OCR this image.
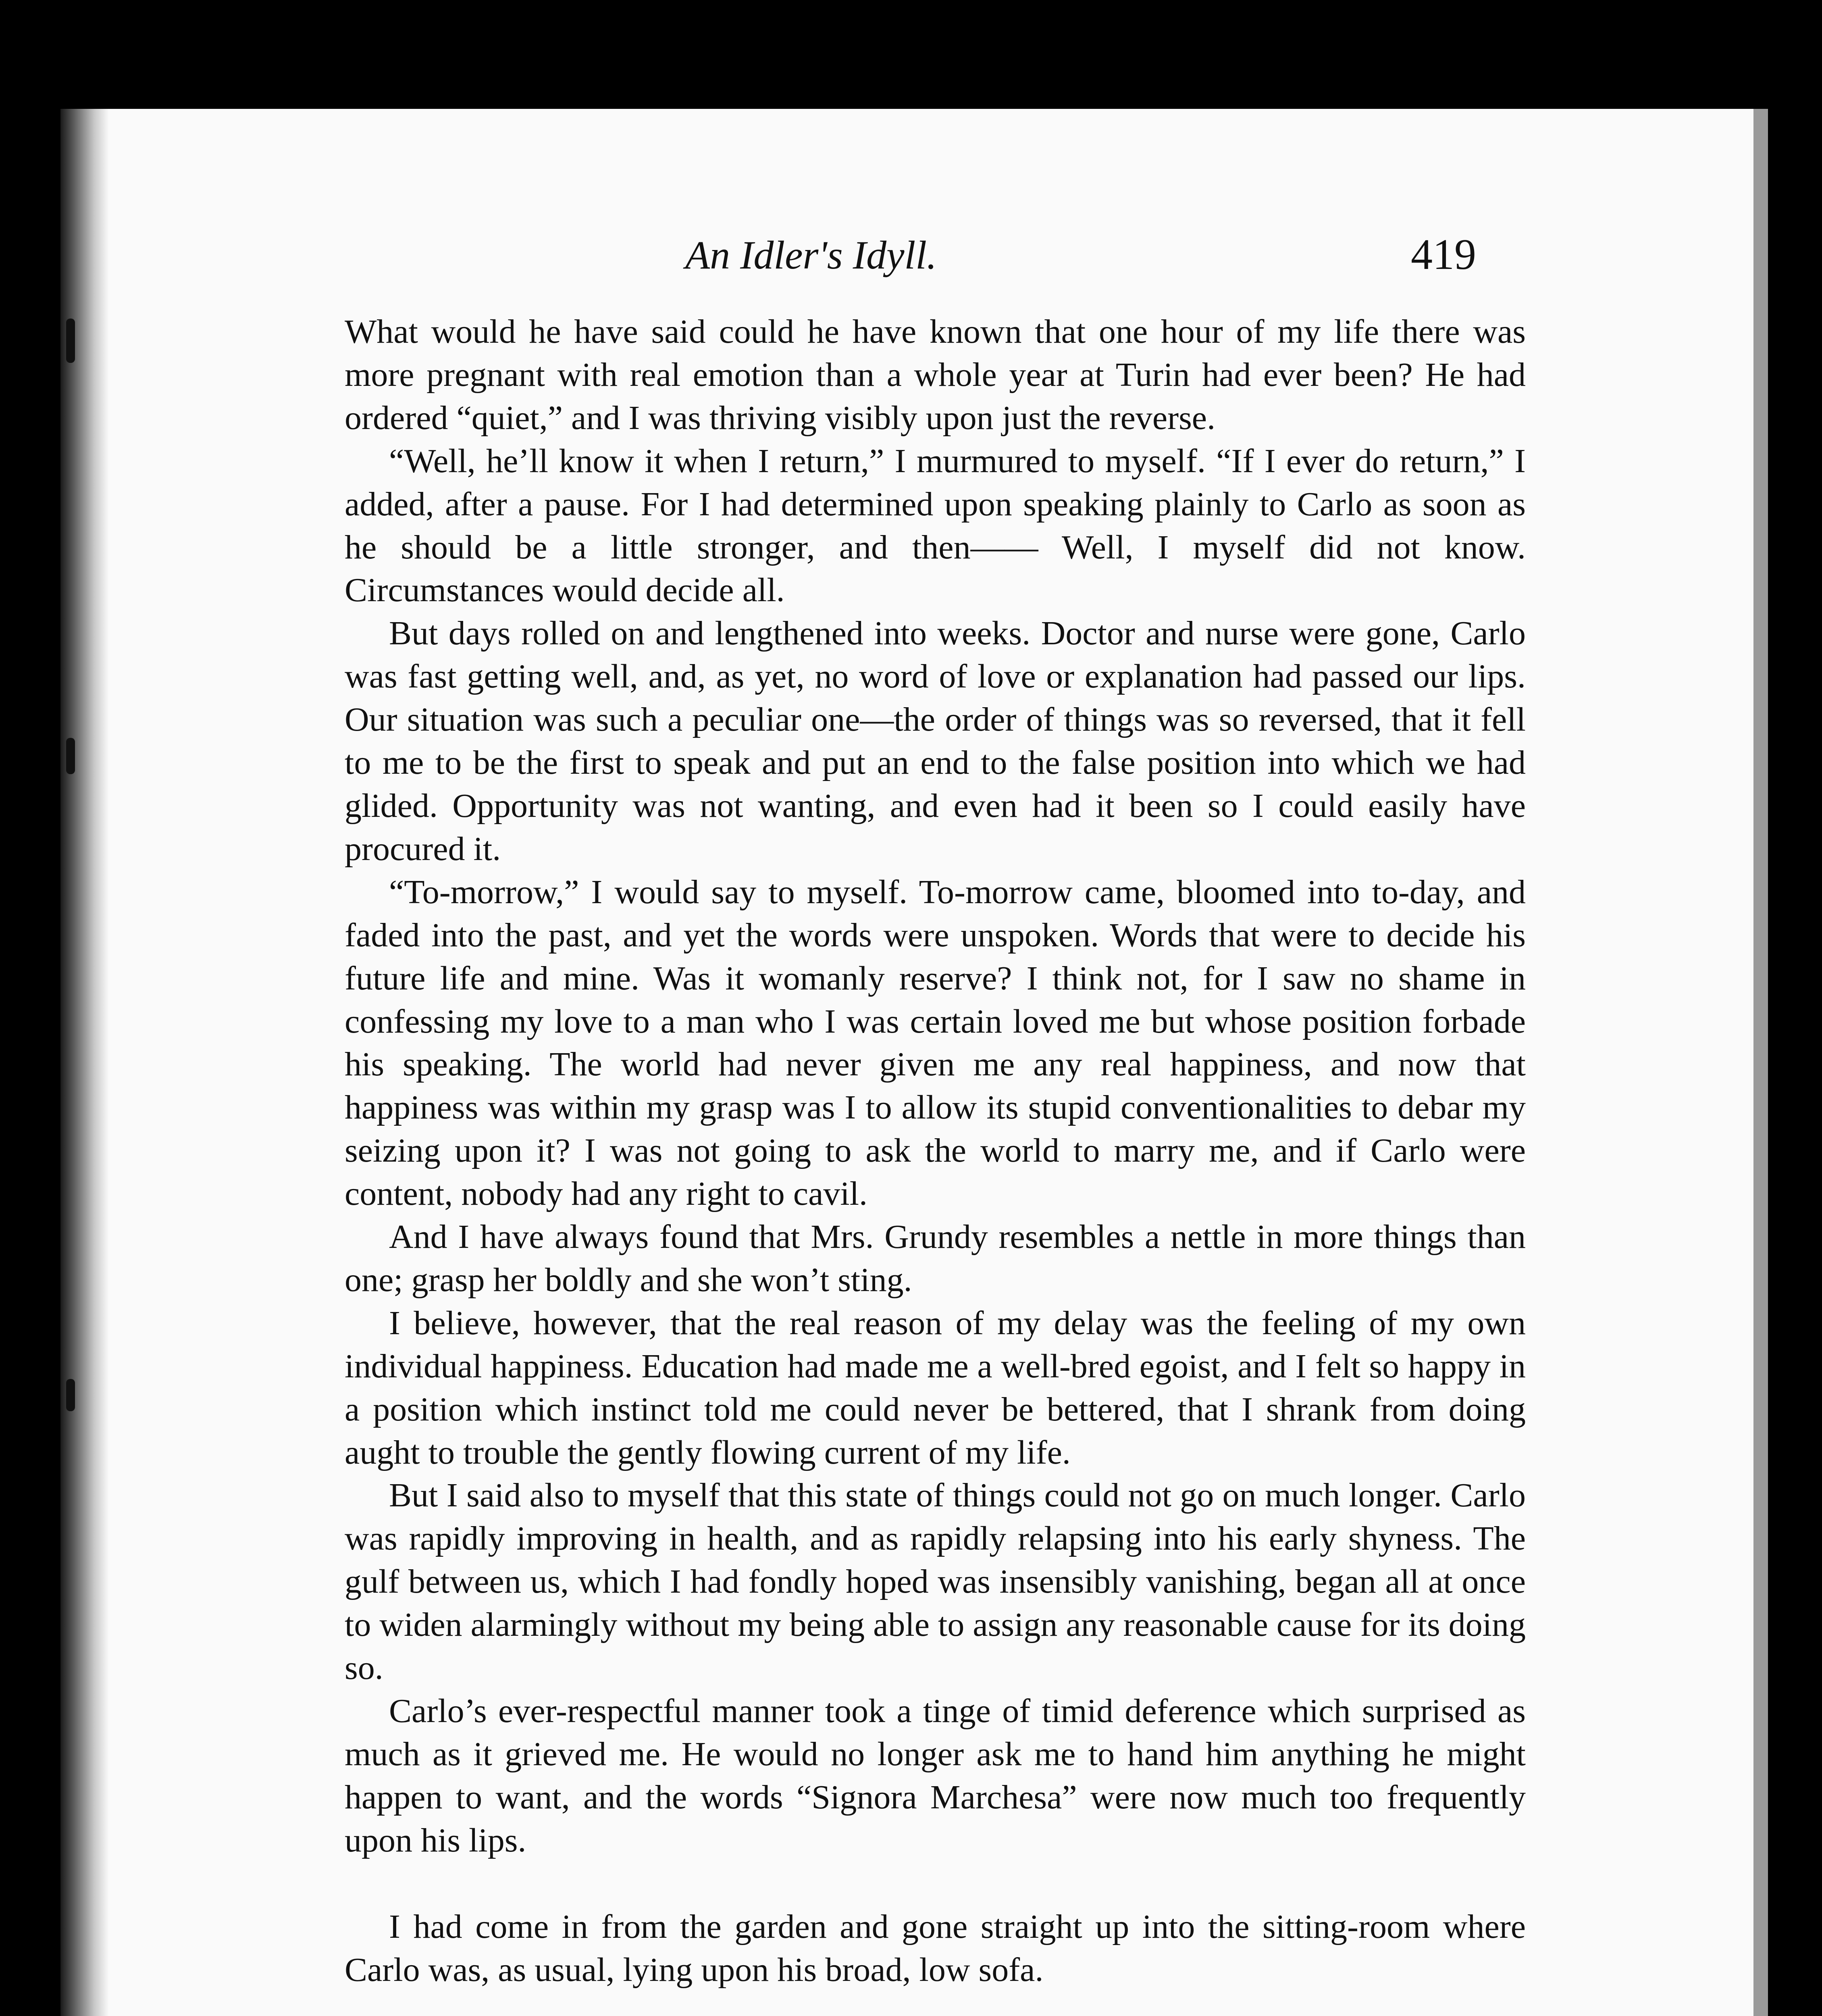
An Idler's Idyll.	419

What would he have said could he have known that one hour of my life there was more pregnant with real emotion than a whole year at Turin had ever been? He had ordered “quiet,” and I was thriving visibly upon just the reverse.

“Well, he’ll know it when I return,” I murmured to myself. “If I ever do return,” I added, after a pause. For I had determined upon speaking plainly to Carlo as soon as he should be a little stronger, and then—— Well, I myself did not know. Circumstances would decide all.

But days rolled on and lengthened into weeks. Doctor and nurse were gone, Carlo was fast getting well, and, as yet, no word of love or explanation had passed our lips. Our situation was such a peculiar one—the order of things was so reversed, that it fell to me to be the first to speak and put an end to the false position into which we had glided. Opportunity was not wanting, and even had it been so I could easily have procured it.

“To-morrow,” I would say to myself. To-morrow came, bloomed into to-day, and faded into the past, and yet the words were unspoken. Words that were to decide his future life and mine. Was it womanly reserve? I think not, for I saw no shame in confessing my love to a man who I was certain loved me but whose position forbade his speaking. The world had never given me any real happiness, and now that happiness was within my grasp was I to allow its stupid conventionalities to debar my seizing upon it? I was not going to ask the world to marry me, and if Carlo were content, nobody had any right to cavil.

And I have always found that Mrs. Grundy resembles a nettle in more things than one; grasp her boldly and she won’t sting.

I believe, however, that the real reason of my delay was the feeling of my own individual happiness. Education had made me a well-bred egoist, and I felt so happy in a position which instinct told me could never be bettered, that I shrank from doing aught to trouble the gently flowing current of my life.

But I said also to myself that this state of things could not go on much longer. Carlo was rapidly improving in health, and as rapidly relapsing into his early shyness. The gulf between us, which I had fondly hoped was insensibly vanishing, began all at once to widen alarmingly without my being able to assign any reasonable cause for its doing so.

Carlo’s ever-respectful manner took a tinge of timid deference which surprised as much as it grieved me. He would no longer ask me to hand him anything he might happen to want, and the words “Signora Marchesa” were now much too frequently upon his lips.

I had come in from the garden and gone straight up into the sitting-room where Carlo was, as usual, lying upon his broad, low sofa.
